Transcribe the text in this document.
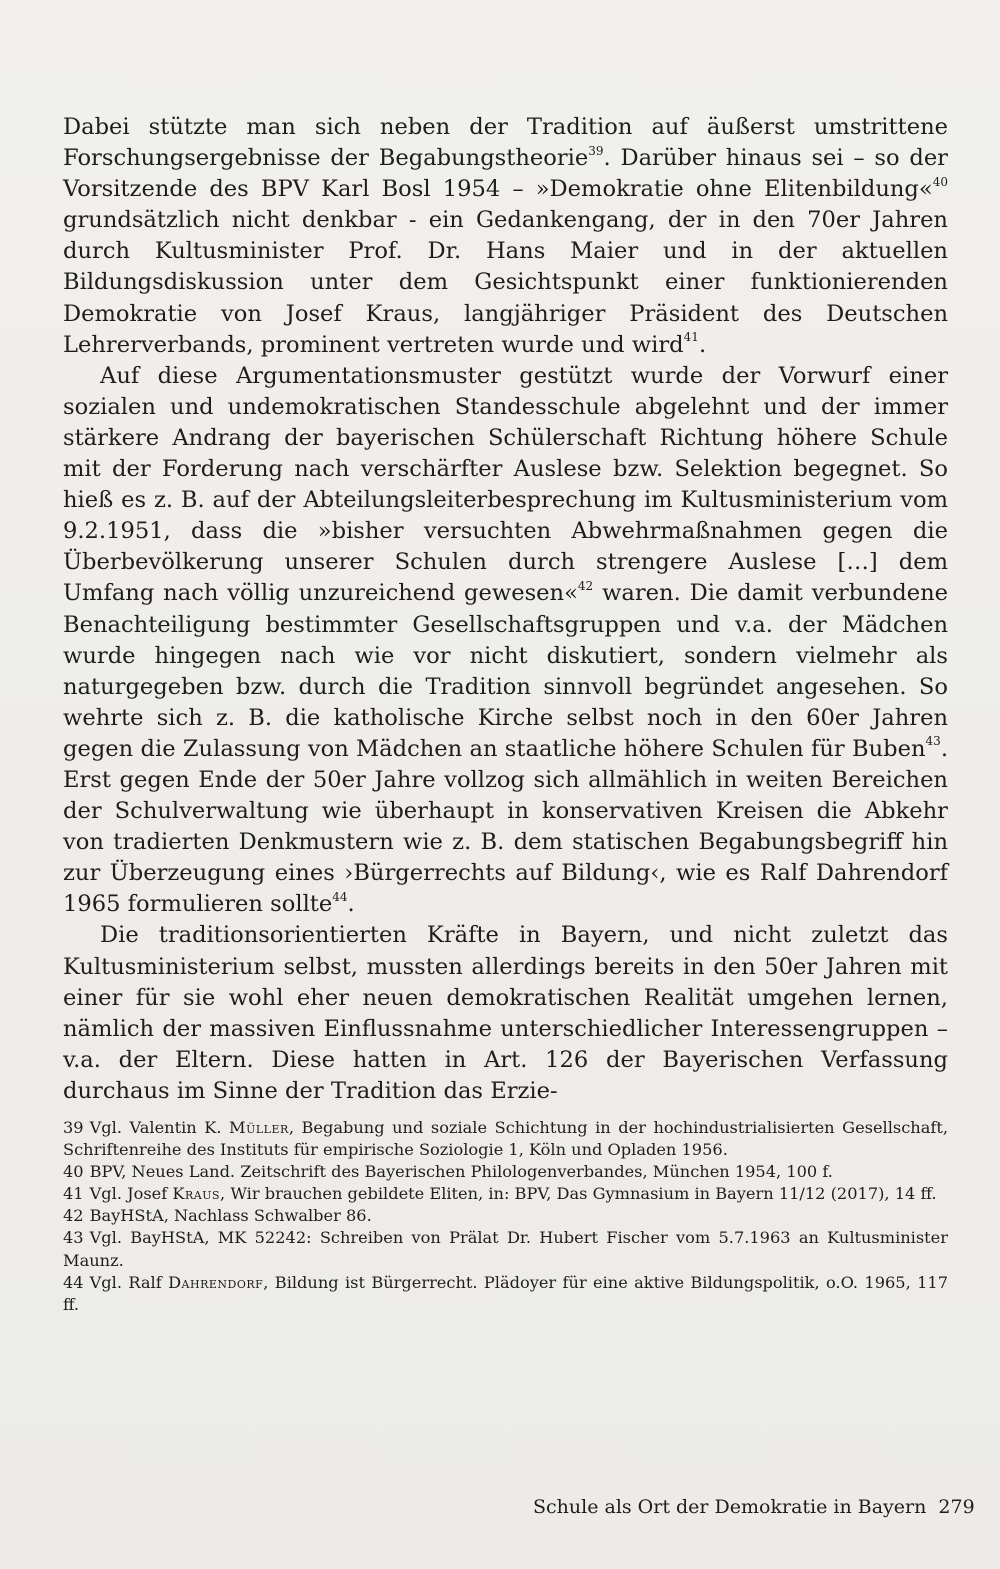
Dabei stützte man sich neben der Tradition auf äußerst umstrittene Forschungsergebnisse der Begabungstheorie$^{39}$. Darüber hinaus sei – so der Vorsitzende des BPV Karl Bosl 1954 – »Demokratie ohne Elitenbildung«$^{40}$ grundsätzlich nicht denkbar - ein Gedankengang, der in den 70er Jahren durch Kultusminister Prof. Dr. Hans Maier und in der aktuellen Bildungsdiskussion unter dem Gesichtspunkt einer funktionierenden Demokratie von Josef Kraus, langjähriger Präsident des Deutschen Lehrerverbands, prominent vertreten wurde und wird$^{41}$.

Auf diese Argumentationsmuster gestützt wurde der Vorwurf einer sozialen und undemokratischen Standesschule abgelehnt und der immer stärkere Andrang der bayerischen Schülerschaft Richtung höhere Schule mit der Forderung nach verschärfter Auslese bzw. Selektion begegnet. So hieß es z. B. auf der Abteilungsleiterbesprechung im Kultusministerium vom 9.2.1951, dass die »bisher versuchten Abwehrmaßnahmen gegen die Überbevölkerung unserer Schulen durch strengere Auslese […] dem Umfang nach völlig unzureichend gewesen«$^{42}$ waren. Die damit verbundene Benachteiligung bestimmter Gesellschaftsgruppen und v.a. der Mädchen wurde hingegen nach wie vor nicht diskutiert, sondern vielmehr als naturgegeben bzw. durch die Tradition sinnvoll begründet angesehen. So wehrte sich z. B. die katholische Kirche selbst noch in den 60er Jahren gegen die Zulassung von Mädchen an staatliche höhere Schulen für Buben$^{43}$. Erst gegen Ende der 50er Jahre vollzog sich allmählich in weiten Bereichen der Schulverwaltung wie überhaupt in konservativen Kreisen die Abkehr von tradierten Denkmustern wie z. B. dem statischen Begabungsbegriff hin zur Überzeugung eines ›Bürgerrechts auf Bildung‹, wie es Ralf Dahrendorf 1965 formulieren sollte$^{44}$.

Die traditionsorientierten Kräfte in Bayern, und nicht zuletzt das Kultusministerium selbst, mussten allerdings bereits in den 50er Jahren mit einer für sie wohl eher neuen demokratischen Realität umgehen lernen, nämlich der massiven Einflussnahme unterschiedlicher Interessengruppen – v.a. der Eltern. Diese hatten in Art. 126 der Bayerischen Verfassung durchaus im Sinne der Tradition das Erzie-

39 Vgl. Valentin K. Müller, Begabung und soziale Schichtung in der hochindustrialisierten Gesellschaft, Schriftenreihe des Instituts für empirische Soziologie 1, Köln und Opladen 1956.

40 BPV, Neues Land. Zeitschrift des Bayerischen Philologenverbandes, München 1954, 100 f.

41 Vgl. Josef Kraus, Wir brauchen gebildete Eliten, in: BPV, Das Gymnasium in Bayern 11/12 (2017), 14 ff.

42 BayHStA, Nachlass Schwalber 86.

43 Vgl. BayHStA, MK 52242: Schreiben von Prälat Dr. Hubert Fischer vom 5.7.1963 an Kultusminister Maunz.

44 Vgl. Ralf Dahrendorf, Bildung ist Bürgerrecht. Plädoyer für eine aktive Bildungspolitik, o.O. 1965, 117 ff.

Schule als Ort der Demokratie in Bayern 279
